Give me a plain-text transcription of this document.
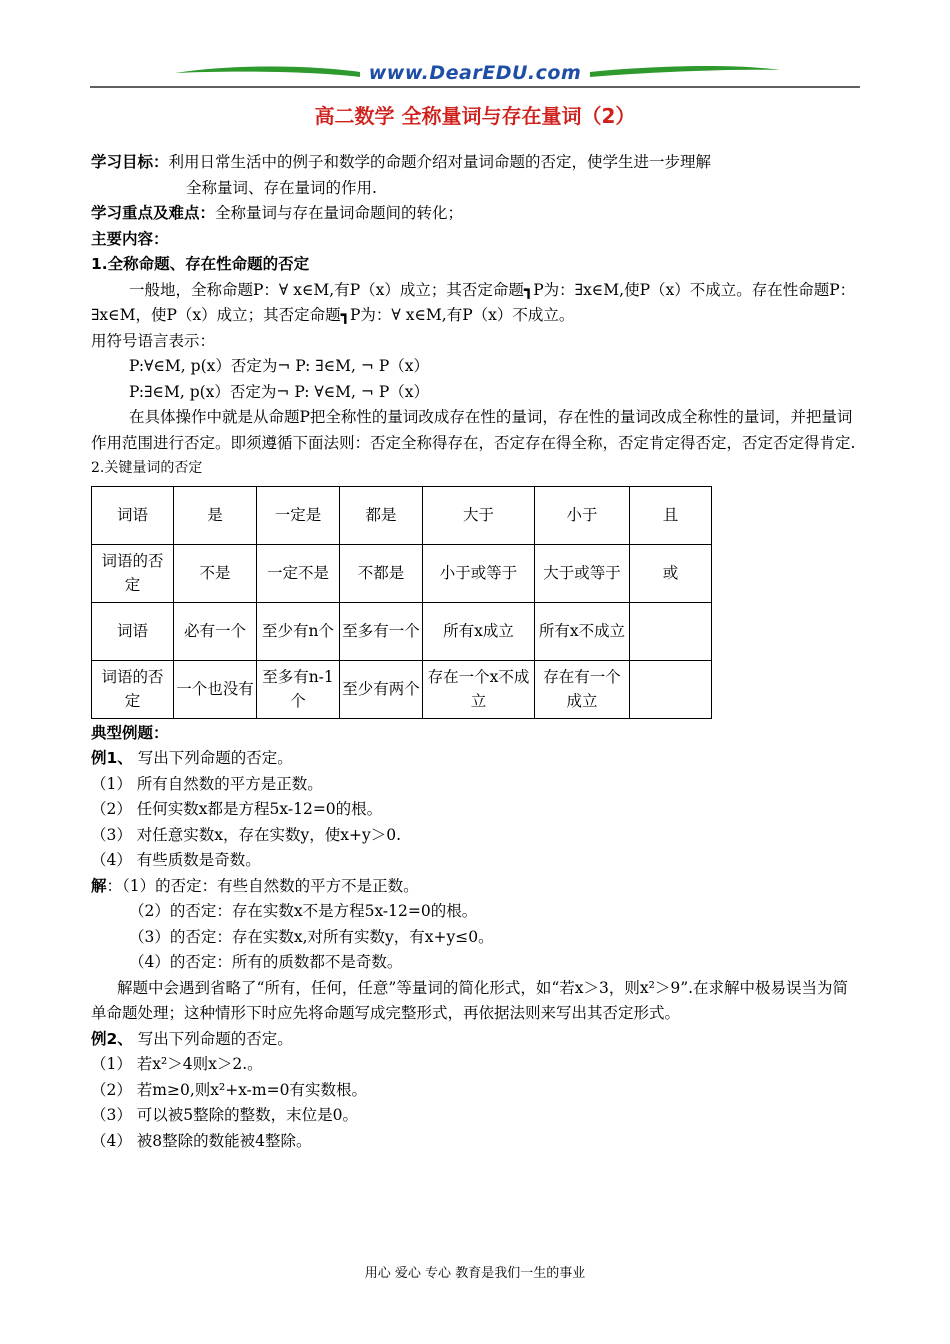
www.DearEDU.com
高二数学 全称量词与存在量词（2）

学习目标：利用日常生活中的例子和数学的命题介绍对量词命题的否定，使学生进一步理解

全称量词、存在量词的作用.

学习重点及难点：全称量词与存在量词命题间的转化；

主要内容：

1.全称命题、存在性命题的否定

一般地，全称命题P：∀ x∈M,有P（x）成立；其否定命题┓P为：∃x∈M,使P（x）不成立。存在性命题P：∃x∈M，使P（x）成立；其否定命题┓P为：∀ x∈M,有P（x）不成立。

用符号语言表示：

P:∀∈M, p(x）否定为¬ P: ∃∈M, ¬ P（x）

P:∃∈M, p(x）否定为¬ P: ∀∈M, ¬ P（x）

在具体操作中就是从命题P把全称性的量词改成存在性的量词，存在性的量词改成全称性的量词，并把量词作用范围进行否定。即须遵循下面法则：否定全称得存在，否定存在得全称，否定肯定得否定，否定否定得肯定.

2.关键量词的否定

词语	是	一定是	都是	大于	小于	且
词语的否定	不是	一定不是	不都是	小于或等于	大于或等于	或
词语	必有一个	至少有n个	至多有一个	所有x成立	所有x不成立	
词语的否定	一个也没有	至多有n-1个	至少有两个	存在一个x不成立	存在有一个成立	

典型例题：

例1、 写出下列命题的否定。

（1） 所有自然数的平方是正数。

（2） 任何实数x都是方程5x-12=0的根。

（3） 对任意实数x，存在实数y，使x+y＞0.

（4） 有些质数是奇数。

解：（1）的否定：有些自然数的平方不是正数。

（2）的否定：存在实数x不是方程5x-12=0的根。

（3）的否定：存在实数x,对所有实数y，有x+y≤0。

（4）的否定：所有的质数都不是奇数。

解题中会遇到省略了“所有，任何，任意”等量词的简化形式，如“若x＞3，则x²＞9”.在求解中极易误当为简单命题处理；这种情形下时应先将命题写成完整形式，再依据法则来写出其否定形式。

例2、 写出下列命题的否定。

（1） 若x²＞4则x＞2.。

（2） 若m≥0,则x²+x-m=0有实数根。

（3） 可以被5整除的整数，末位是0。

（4） 被8整除的数能被4整除。

用心 爱心 专心 教育是我们一生的事业
